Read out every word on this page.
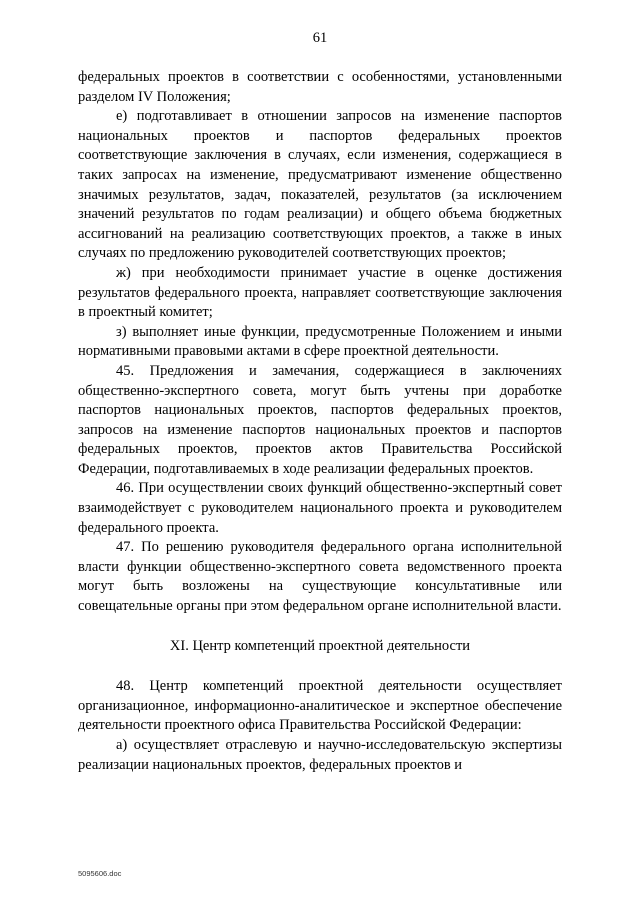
61

федеральных проектов в соответствии с особенностями, установленными разделом IV Положения;

е) подготавливает в отношении запросов на изменение паспортов национальных проектов и паспортов федеральных проектов соответствующие заключения в случаях, если изменения, содержащиеся в таких запросах на изменение, предусматривают изменение общественно значимых результатов, задач, показателей, результатов (за исключением значений результатов по годам реализации) и общего объема бюджетных ассигнований на реализацию соответствующих проектов, а также в иных случаях по предложению руководителей соответствующих проектов;

ж) при необходимости принимает участие в оценке достижения результатов федерального проекта, направляет соответствующие заключения в проектный комитет;

з) выполняет иные функции, предусмотренные Положением и иными нормативными правовыми актами в сфере проектной деятельности.

45. Предложения и замечания, содержащиеся в заключениях общественно-экспертного совета, могут быть учтены при доработке паспортов национальных проектов, паспортов федеральных проектов, запросов на изменение паспортов национальных проектов и паспортов федеральных проектов, проектов актов Правительства Российской Федерации, подготавливаемых в ходе реализации федеральных проектов.

46. При осуществлении своих функций общественно-экспертный совет взаимодействует с руководителем национального проекта и руководителем федерального проекта.

47. По решению руководителя федерального органа исполнительной власти функции общественно-экспертного совета ведомственного проекта могут быть возложены на существующие консультативные или совещательные органы при этом федеральном органе исполнительной власти.

XI. Центр компетенций проектной деятельности

48. Центр компетенций проектной деятельности осуществляет организационное, информационно-аналитическое и экспертное обеспечение деятельности проектного офиса Правительства Российской Федерации:

а) осуществляет отраслевую и научно-исследовательскую экспертизы реализации национальных проектов, федеральных проектов и

5095606.doc
